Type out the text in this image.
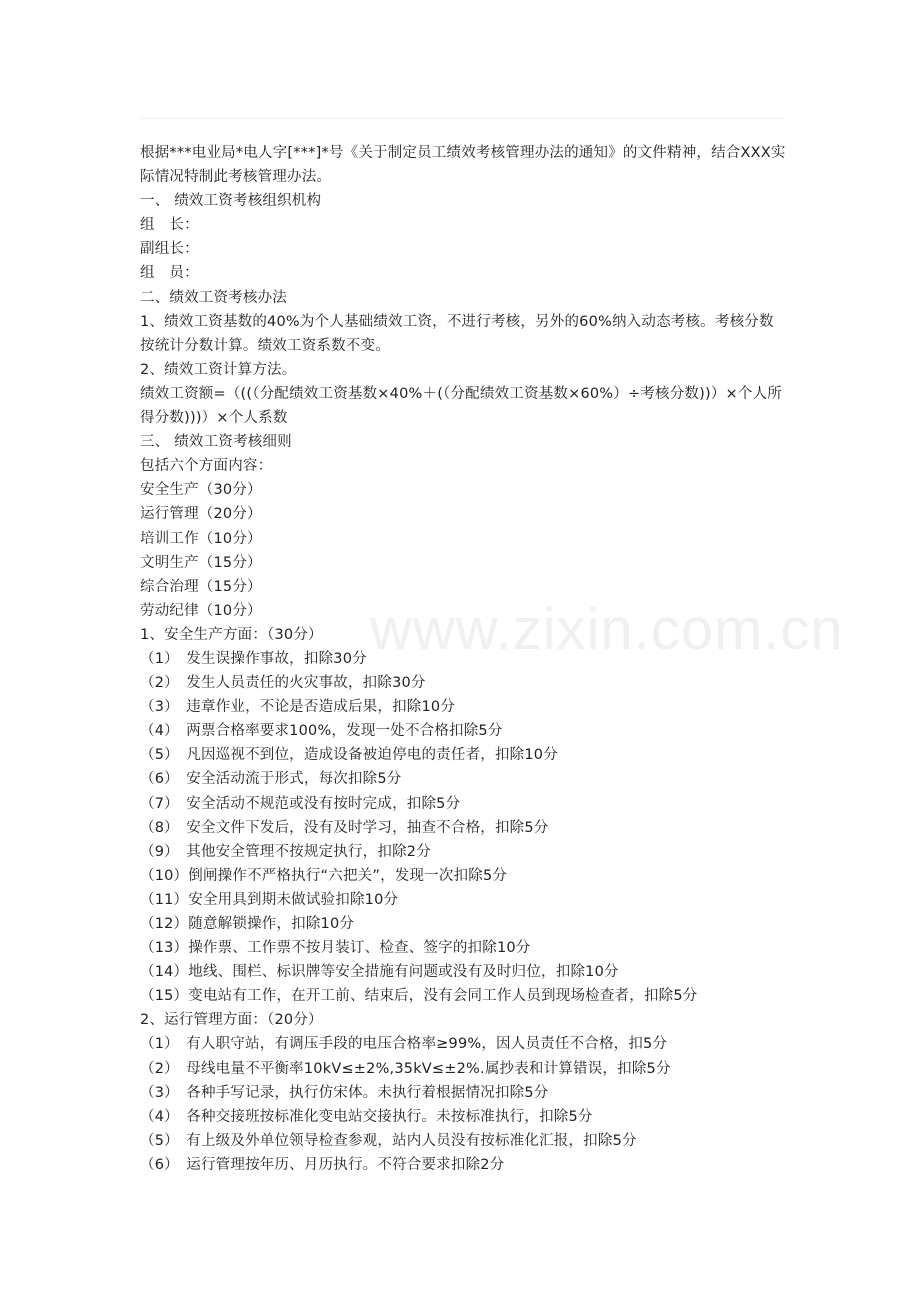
www.zixin.com.cn
根据***电业局*电人字[***]*号《关于制定员工绩效考核管理办法的通知》的文件精神，结合XXX实际情况特制此考核管理办法。
一、 绩效工资考核组织机构
组　长：
副组长：
组　员：
二、绩效工资考核办法
1、绩效工资基数的40%为个人基础绩效工资，不进行考核，另外的60%纳入动态考核。考核分数按统计分数计算。绩效工资系数不变。
2、绩效工资计算方法。
绩效工资额=（((（分配绩效工资基数×40%＋(（分配绩效工资基数×60%）÷考核分数))）×个人所得分数)))）×个人系数
三、 绩效工资考核细则
包括六个方面内容：
安全生产（30分）
运行管理（20分）
培训工作（10分）
文明生产（15分）
综合治理（15分）
劳动纪律（10分）
1、安全生产方面：（30分）
（1）　发生误操作事故，扣除30分
（2）　发生人员责任的火灾事故，扣除30分
（3）　违章作业，不论是否造成后果，扣除10分
（4）　两票合格率要求100%，发现一处不合格扣除5分
（5）　凡因巡视不到位，造成设备被迫停电的责任者，扣除10分
（6）　安全活动流于形式，每次扣除5分
（7）　安全活动不规范或没有按时完成，扣除5分
（8）　安全文件下发后，没有及时学习，抽查不合格，扣除5分
（9）　其他安全管理不按规定执行，扣除2分
（10）倒闸操作不严格执行“六把关”，发现一次扣除5分
（11）安全用具到期未做试验扣除10分
（12）随意解锁操作，扣除10分
（13）操作票、工作票不按月装订、检查、签字的扣除10分
（14）地线、围栏、标识牌等安全措施有问题或没有及时归位，扣除10分
（15）变电站有工作，在开工前、结束后，没有会同工作人员到现场检查者，扣除5分
2、运行管理方面：（20分）
（1）　有人职守站，有调压手段的电压合格率≥99%，因人员责任不合格，扣5分
（2）　母线电量不平衡率10kV≤±2%,35kV≤±2%.属抄表和计算错误，扣除5分
（3）　各种手写记录，执行仿宋体。未执行着根据情况扣除5分
（4）　各种交接班按标准化变电站交接执行。未按标准执行，扣除5分
（5）　有上级及外单位领导检查参观，站内人员没有按标准化汇报，扣除5分
（6）　运行管理按年历、月历执行。不符合要求扣除2分
